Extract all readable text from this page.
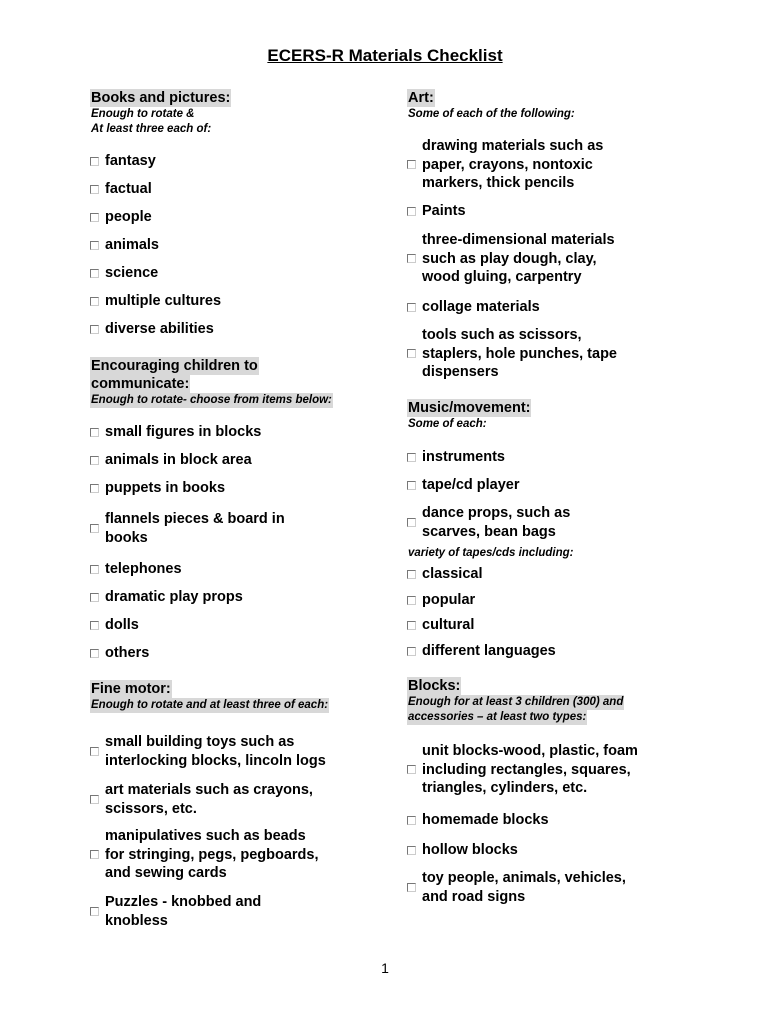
ECERS-R Materials Checklist
Books and pictures:
Enough to rotate &
At least three each of:
fantasy
factual
people
animals
science
multiple cultures
diverse abilities
Encouraging children to
communicate:
Enough to rotate- choose from items below:
small figures in blocks
animals in block area
puppets in books
flannels pieces & board in
books
telephones
dramatic play props
dolls
others
Fine motor:
Enough to rotate and at least three of each:
small building toys such as
interlocking blocks, lincoln logs
art materials such as crayons,
scissors, etc.
manipulatives such as beads
for stringing, pegs, pegboards,
and sewing cards
Puzzles - knobbed and
knobless
Art:
Some of each of the following:
drawing materials such as
paper, crayons, nontoxic
markers, thick pencils
Paints
three-dimensional materials
such as play dough, clay,
wood gluing, carpentry
collage materials
tools such as scissors,
staplers, hole punches, tape
dispensers
Music/movement:
Some of each:
instruments
tape/cd player
dance props, such as
scarves, bean bags
variety of tapes/cds including:
classical
popular
cultural
different languages
Blocks:
Enough for at least 3 children (300) and
accessories – at least two types:
unit blocks-wood, plastic, foam
including rectangles, squares,
triangles, cylinders, etc.
homemade blocks
hollow blocks
toy people, animals, vehicles,
and road signs
1
